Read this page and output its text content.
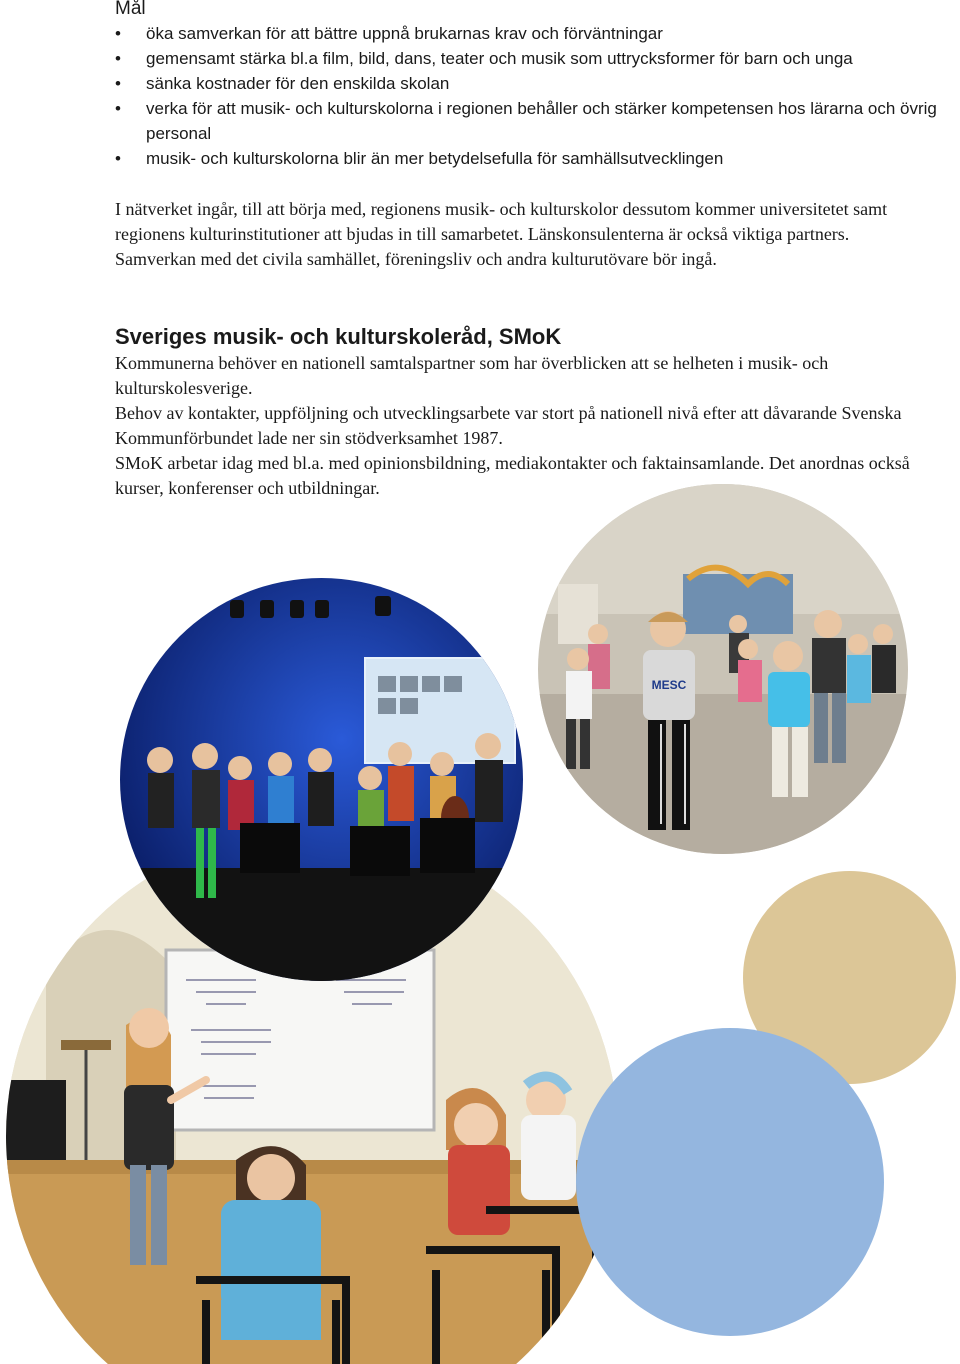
Mål
• öka samverkan för att bättre uppnå brukarnas krav och förväntningar
• gemensamt stärka bl.a film, bild, dans, teater och musik som uttrycksformer för barn och unga
• sänka kostnader för den enskilda skolan
• verka för att musik- och kulturskolorna i regionen behåller och stärker kompetensen hos lärarna och övrig personal
• musik- och kulturskolorna blir än mer betydelsefulla för samhällsutvecklingen

I nätverket ingår, till att börja med, regionens musik- och kulturskolor dessutom kommer universitetet samt regionens kulturinstitutioner att bjudas in till samarbetet. Länskonsulenterna är också viktiga partners. Samverkan med det civila samhället, föreningsliv och andra kulturutövare bör ingå.

Sveriges musik- och kulturskoleråd, SMoK

Kommunerna behöver en nationell samtalspartner som har överblicken att se helheten i musik- och kulturskolesverige.

Behov av kontakter, uppföljning och utvecklingsarbete var stort på nationell nivå efter att dåvarande Svenska Kommunförbundet lade ner sin stödverksamhet 1987.

SMoK arbetar idag med bl.a. med opinionsbildning, mediakontakter och faktainsamlande. Det anordnas också kurser, konferenser och utbildningar.

MESC
